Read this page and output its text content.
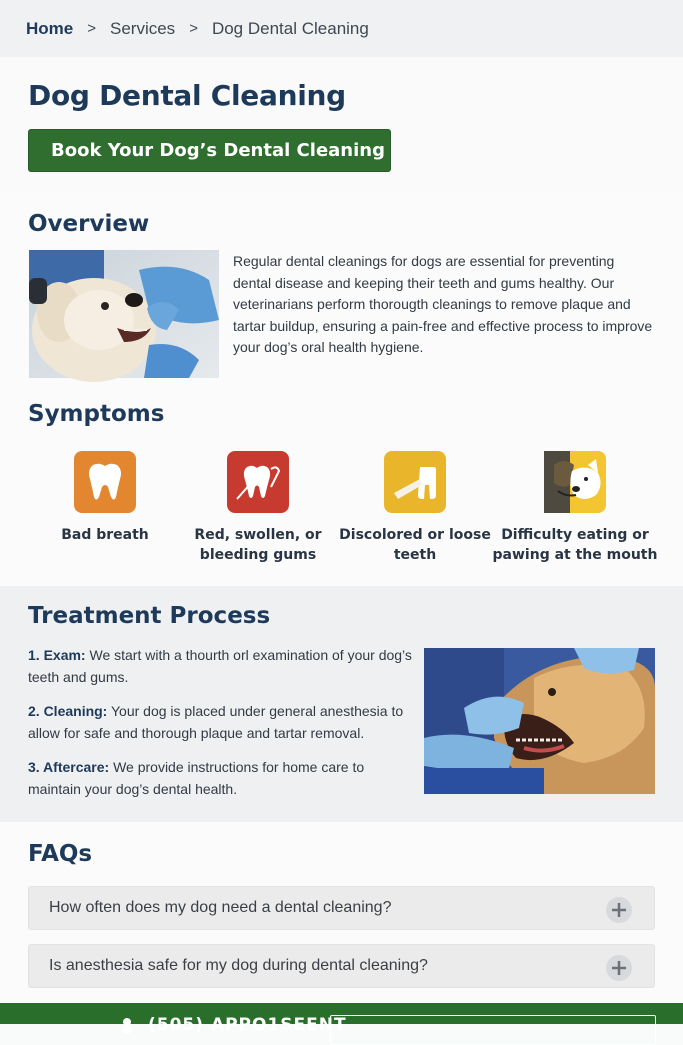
Home > Services > Dog Dental Cleaning
Dog Dental Cleaning
Book Your Dog’s Dental Cleaning
Overview

Regular dental cleanings for dogs are essential for preventing dental disease and keeping their teeth and gums healthy. Our veterinarians perform thorougth cleanings to remove plaque and tartar buildup, ensuring a pain-free and effective process to improve your dog’s oral health hygiene.

Symptoms
Bad breath	Red, swollen, or bleeding gums
Discolored or loose teeth
Difficulty eating or pawing at the mouth
Treatment Process

1. Exam: We start with a thourth orl examination of your dog’s teeth and gums.

2. Cleaning: Your dog is placed under general anesthesia to allow for safe and thorough plaque and tartar removal.

3. Aftercare: We provide instructions for home care to maintain your dog’s dental health.

FAQs
How often does my dog need a dental cleaning?
Is anesthesia safe for my dog during dental cleaning?
(505) APPO1SEENT
